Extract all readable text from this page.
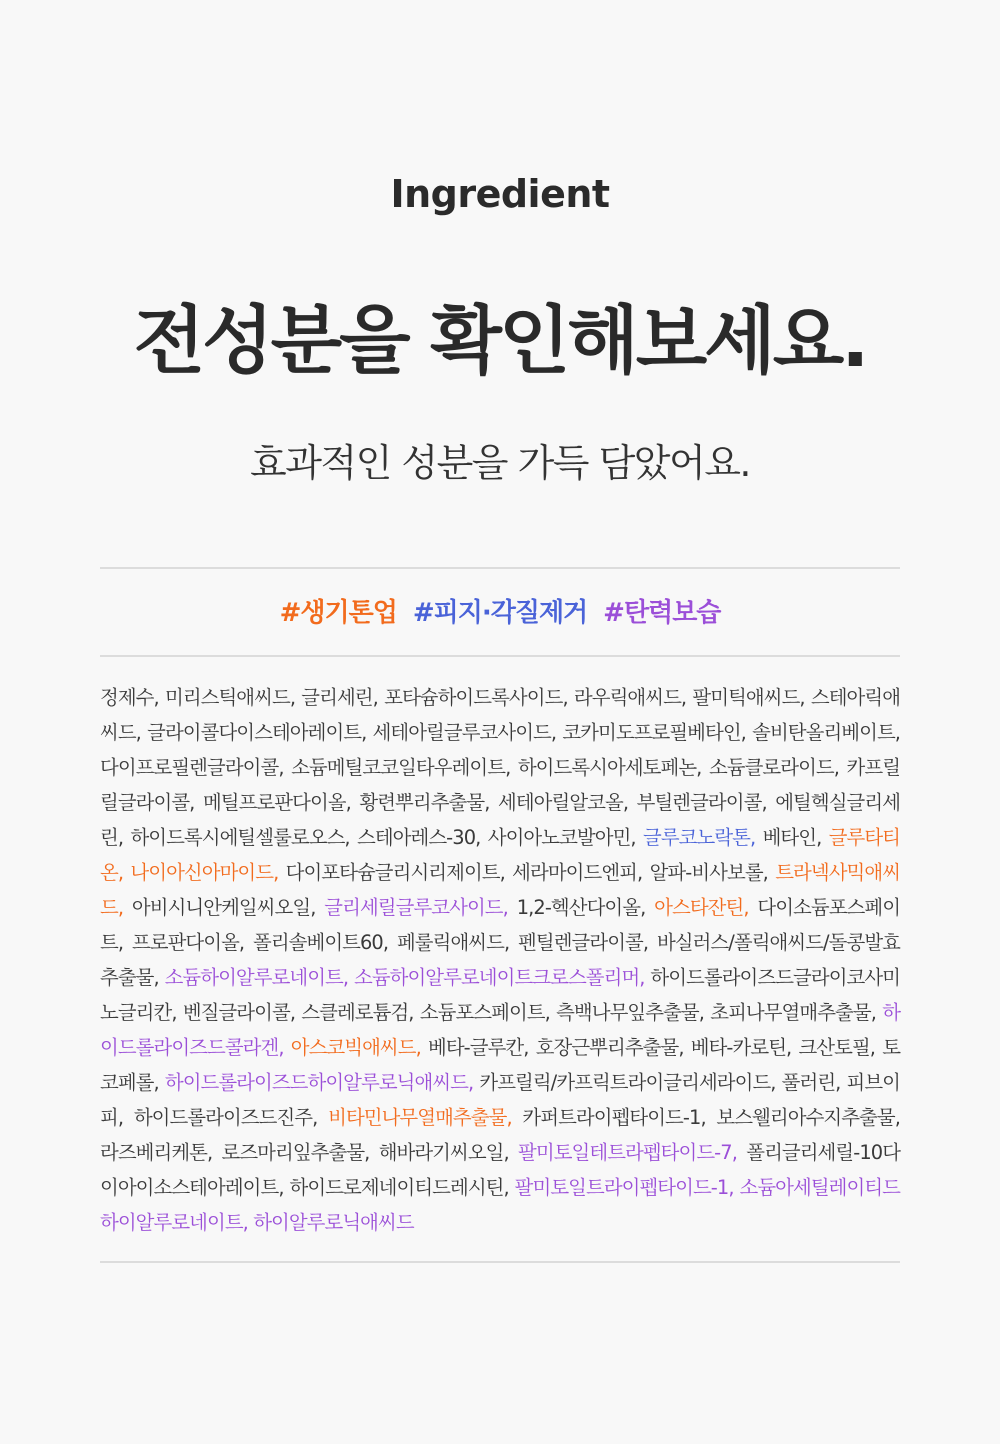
Ingredient
전성분을 확인해보세요.
효과적인 성분을 가득 담았어요.
#생기톤업 #피지·각질제거 #탄력보습
정제수, 미리스틱애씨드, 글리세린, 포타슘하이드록사이드, 라우릭애씨드, 팔미틱애씨드, 스테아릭애씨드, 글라이콜다이스테아레이트, 세테아릴글루코사이드, 코카미도프로필베타인, 솔비탄올리베이트, 다이프로필렌글라이콜, 소듐메틸코코일타우레이트, 하이드록시아세토페논, 소듐클로라이드, 카프릴릴글라이콜, 메틸프로판다이올, 황련뿌리추출물, 세테아릴알코올, 부틸렌글라이콜, 에틸헥실글리세린, 하이드록시에틸셀룰로오스, 스테아레스-30, 사이아노코발아민, 글루코노락톤, 베타인, 글루타티온, 나이아신아마이드, 다이포타슘글리시리제이트, 세라마이드엔피, 알파-비사보롤, 트라넥사믹애씨드, 아비시니안케일씨오일, 글리세릴글루코사이드, 1,2-헥산다이올, 아스타잔틴, 다이소듐포스페이트, 프로판다이올, 폴리솔베이트60, 페룰릭애씨드, 펜틸렌글라이콜, 바실러스/폴릭애씨드/돌콩발효추출물, 소듐하이알루로네이트, 소듐하이알루로네이트크로스폴리머, 하이드롤라이즈드글라이코사미노글리칸, 벤질글라이콜, 스클레로튬검, 소듐포스페이트, 측백나무잎추출물, 초피나무열매추출물, 하이드롤라이즈드콜라겐, 아스코빅애씨드, 베타-글루칸, 호장근뿌리추출물, 베타-카로틴, 크산토필, 토코페롤, 하이드롤라이즈드하이알루로닉애씨드, 카프릴릭/카프릭트라이글리세라이드, 풀러린, 피브이피, 하이드롤라이즈드진주, 비타민나무열매추출물, 카퍼트라이펩타이드-1, 보스웰리아수지추출물, 라즈베리케톤, 로즈마리잎추출물, 해바라기씨오일, 팔미토일테트라펩타이드-7, 폴리글리세릴-10다이아이소스테아레이트, 하이드로제네이티드레시틴, 팔미토일트라이펩타이드-1, 소듐아세틸레이티드하이알루로네이트, 하이알루로닉애씨드
